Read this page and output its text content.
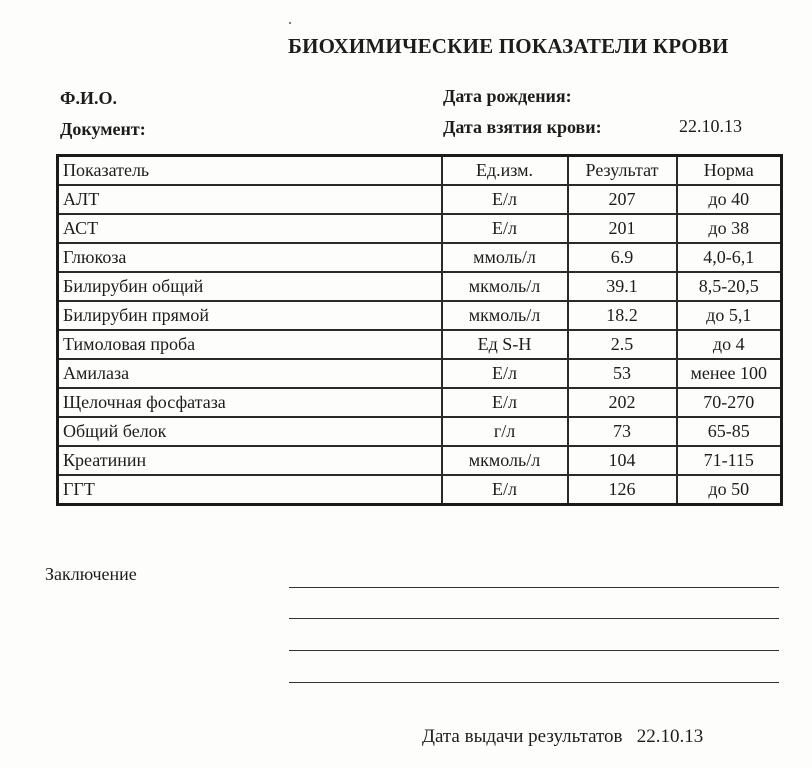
БИОХИМИЧЕСКИЕ ПОКАЗАТЕЛИ КРОВИ
Ф.И.О.
Документ:
Дата рождения:
Дата взятия крови:	22.10.13
Показатель	Ед.изм.	Результат	Норма
АЛТ	Е/л	207	до 40
АСТ	Е/л	201	до 38
Глюкоза	ммоль/л	6.9	4,0-6,1
Билирубин общий	мкмоль/л	39.1	8,5-20,5
Билирубин прямой	мкмоль/л	18.2	до 5,1
Тимоловая проба	Ед S-H	2.5	до 4
Амилаза	Е/л	53	менее 100
Щелочная фосфатаза	Е/л	202	70-270
Общий белок	г/л	73	65-85
Креатинин	мкмоль/л	104	71-115
ГГТ	Е/л	126	до 50
Заключение
Дата выдачи результатов 22.10.13
